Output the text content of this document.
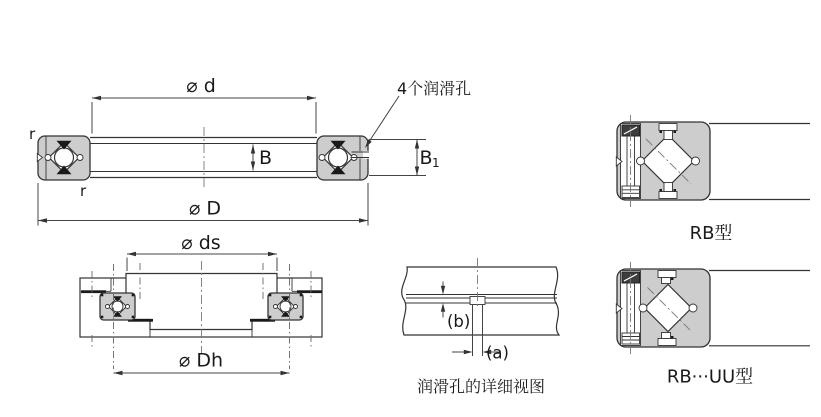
⌀ d
⌀ D
B	B 1
r
r
4个润滑孔
⌀ ds
⌀ Dh
(b)
(a)
润滑孔的详细视图
RB型
RB···UU型
